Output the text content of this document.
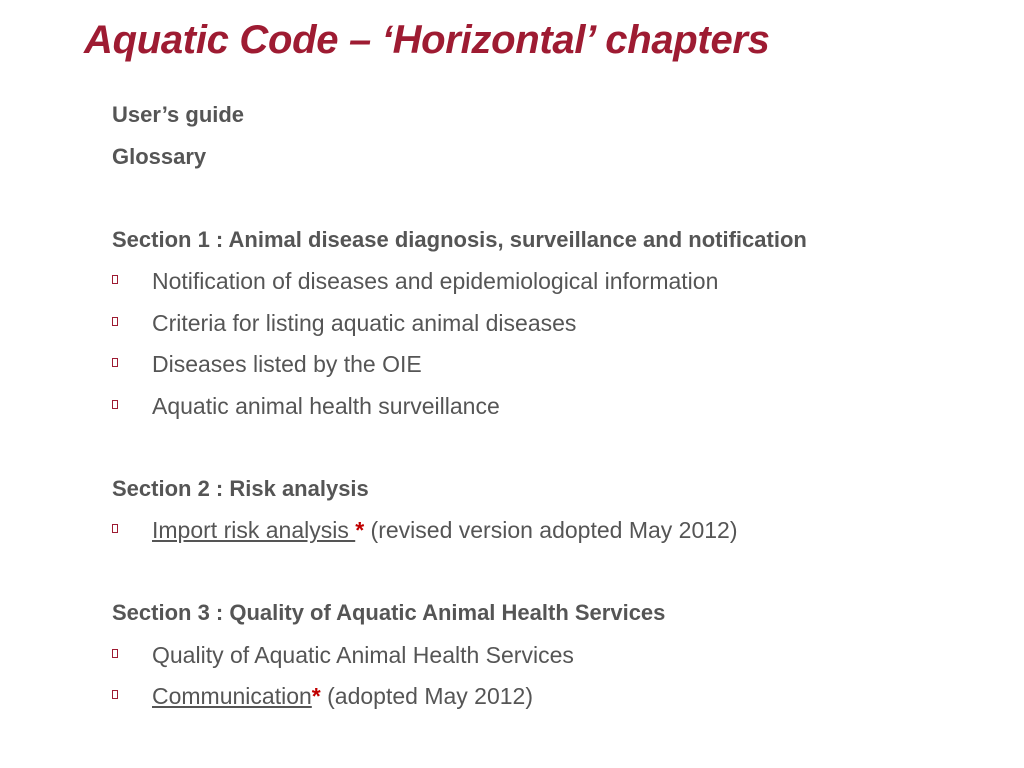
Aquatic Code – ‘Horizontal’ chapters
User’s guide
Glossary
Section 1 : Animal disease diagnosis, surveillance and notification
Notification of diseases and epidemiological information
Criteria for listing aquatic animal diseases
Diseases listed by the OIE
Aquatic animal health surveillance
Section 2 : Risk analysis
Import risk analysis * (revised version adopted May 2012)
Section 3 : Quality of Aquatic Animal Health Services
Quality of Aquatic Animal Health Services
Communication* (adopted May 2012)
